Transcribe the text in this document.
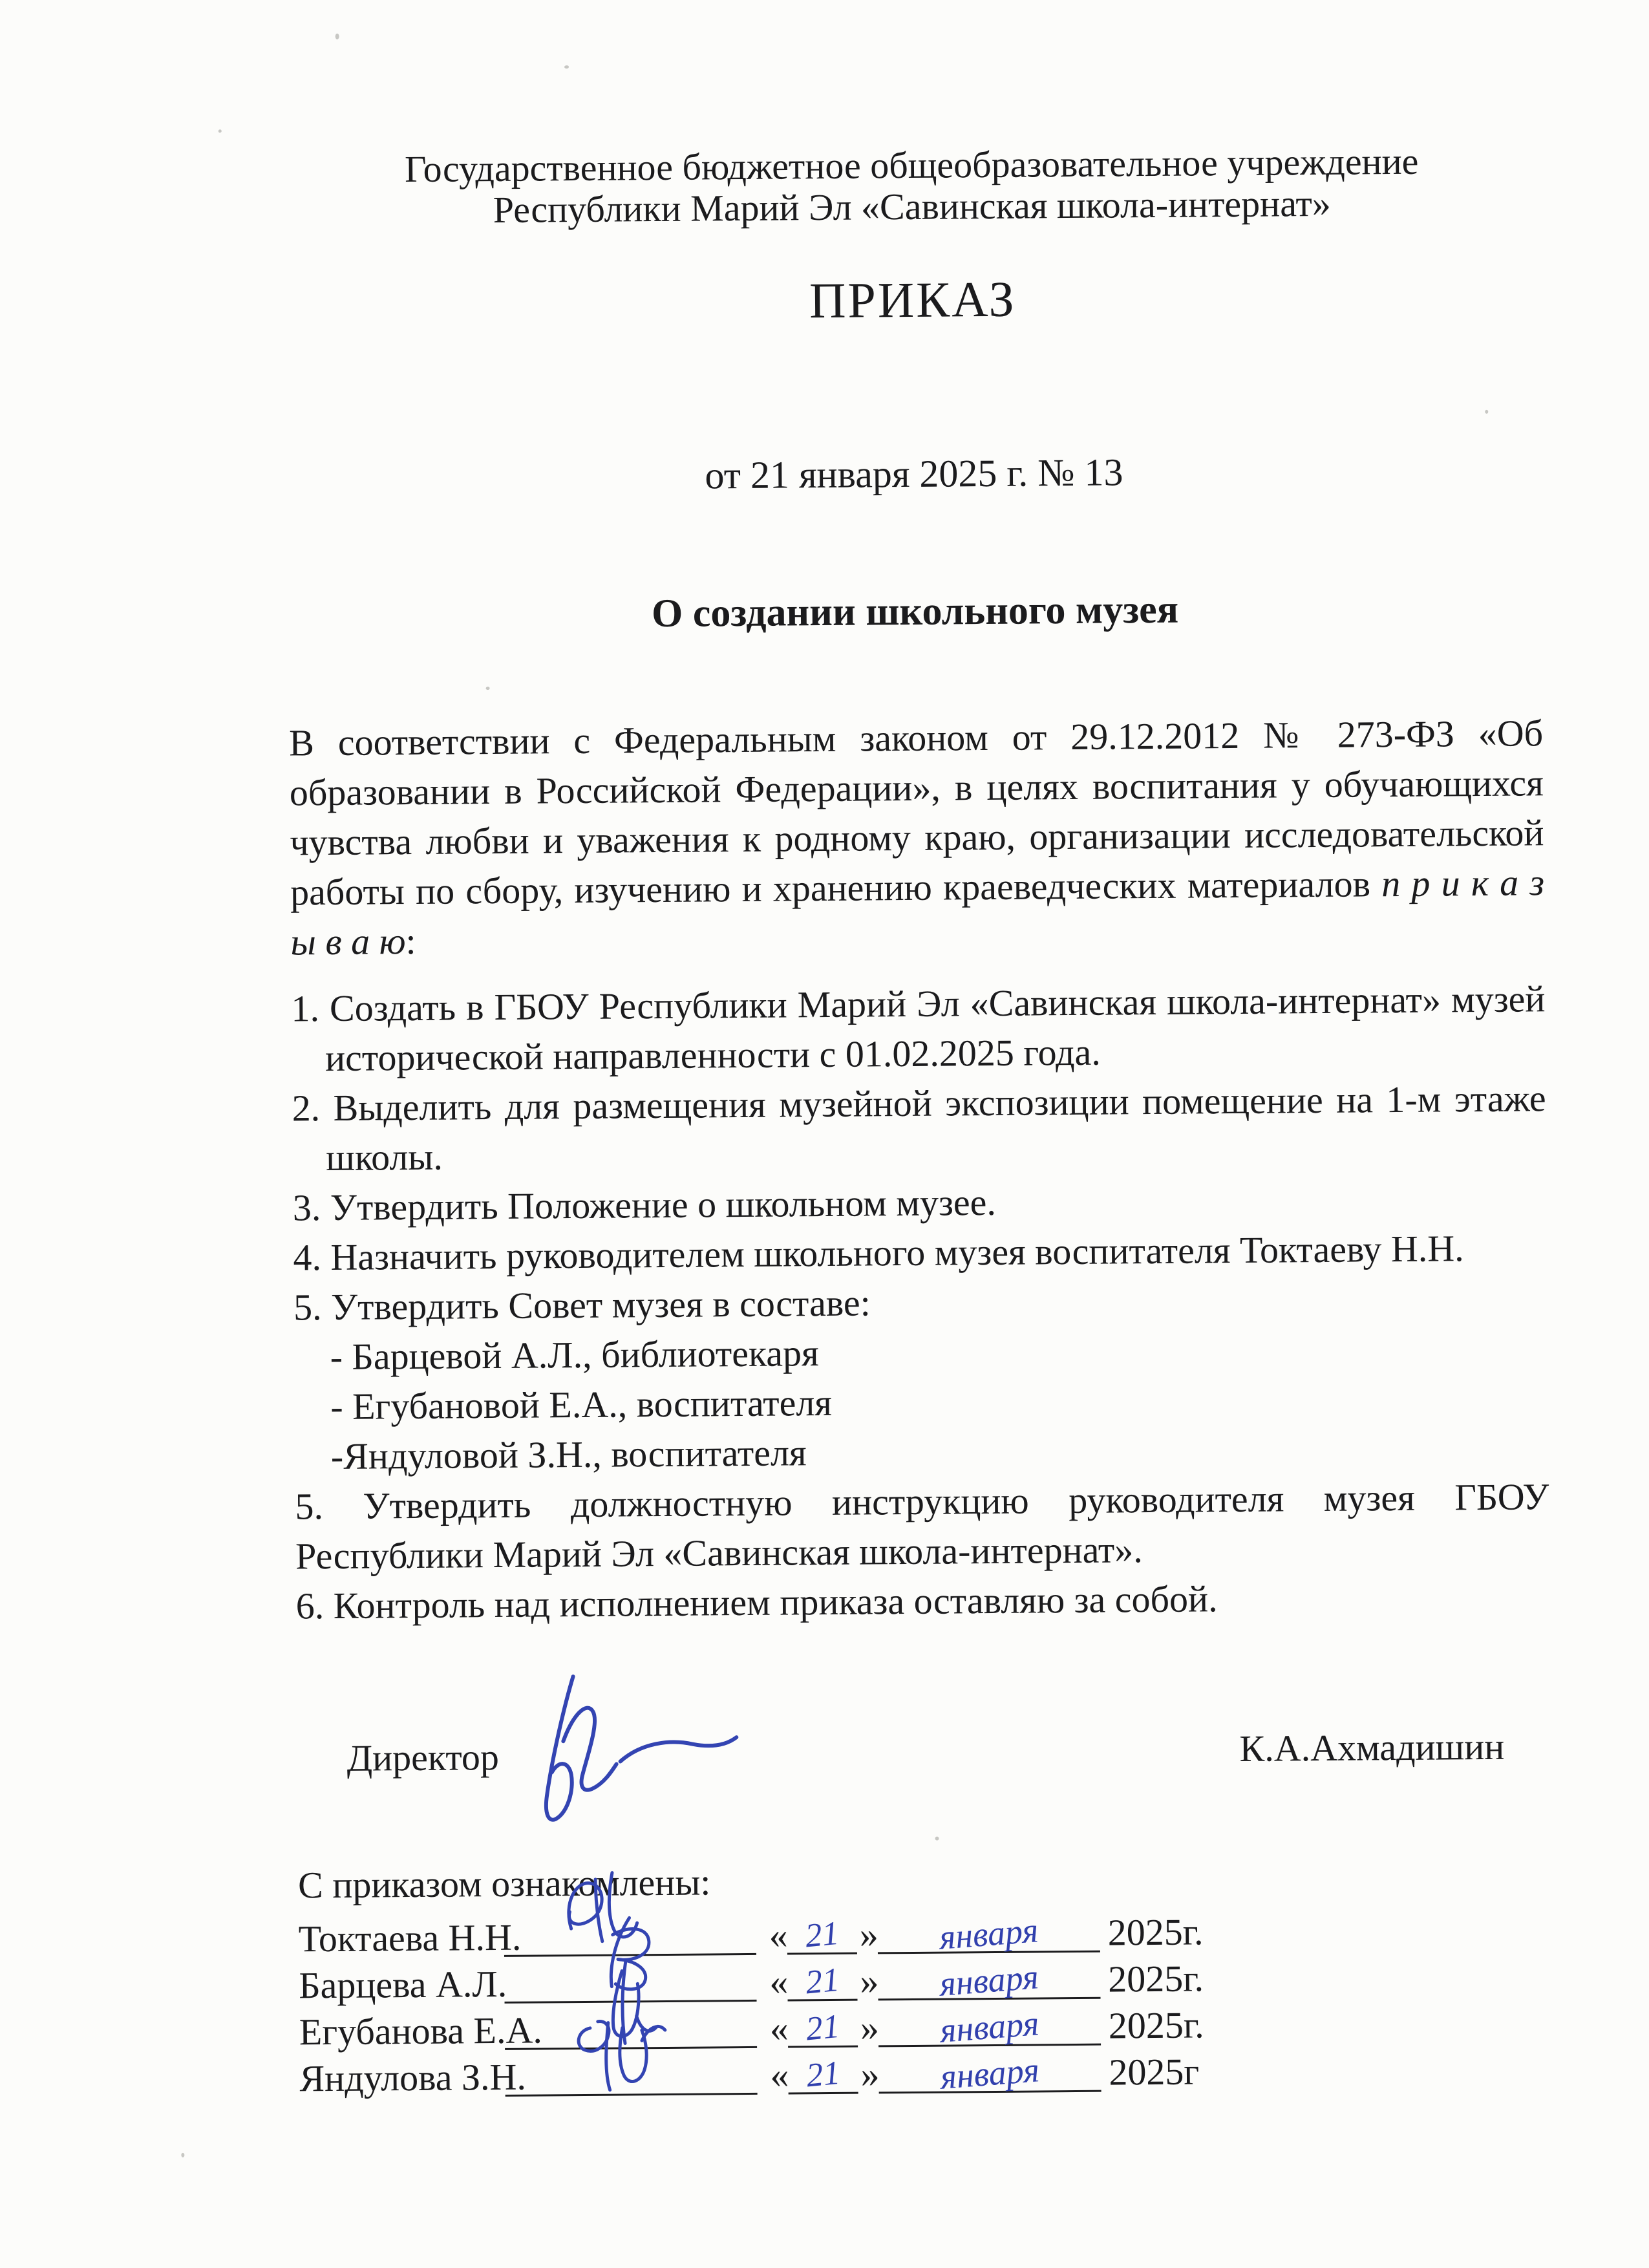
Государственное бюджетное общеобразовательное учреждение
Республики Марий Эл «Савинская школа-интернат»
ПРИКАЗ
от 21 января 2025 г. № 13
О создании школьного музея
В соответствии с Федеральным законом от 29.12.2012 № 273-ФЗ «Об
образовании в Российской Федерации», в целях воспитания у обучающихся
чувства любви и уважения к родному краю, организации исследовательской
работы по сбору, изучению и хранению краеведческих материалов п р и к а з
ы в а ю:
1. Создать в ГБОУ Республики Марий Эл «Савинская школа-интернат» музей
исторической направленности с 01.02.2025 года.
2. Выделить для размещения музейной экспозиции помещение на 1-м этаже
школы.
3. Утвердить Положение о школьном музее.
4. Назначить руководителем школьного музея воспитателя Токтаеву Н.Н.
5. Утвердить Совет музея в составе:
- Барцевой А.Л., библиотекаря
- Егубановой Е.А., воспитателя
-Яндуловой З.Н., воспитателя
5. Утвердить должностную инструкцию руководителя музея ГБОУ
Республики Марий Эл «Савинская школа-интернат».
6. Контроль над исполнением приказа оставляю за собой.
Директор	К.А.Ахмадишин
С приказом ознакомлены:
Токтаева Н.Н.	« 21 »	января	2025г.
Барцева А.Л.	« 21 »	января	2025г.
Егубанова Е.А.	« 21 »	января	2025г.
Яндулова З.Н.	« 21 »	января	2025г
